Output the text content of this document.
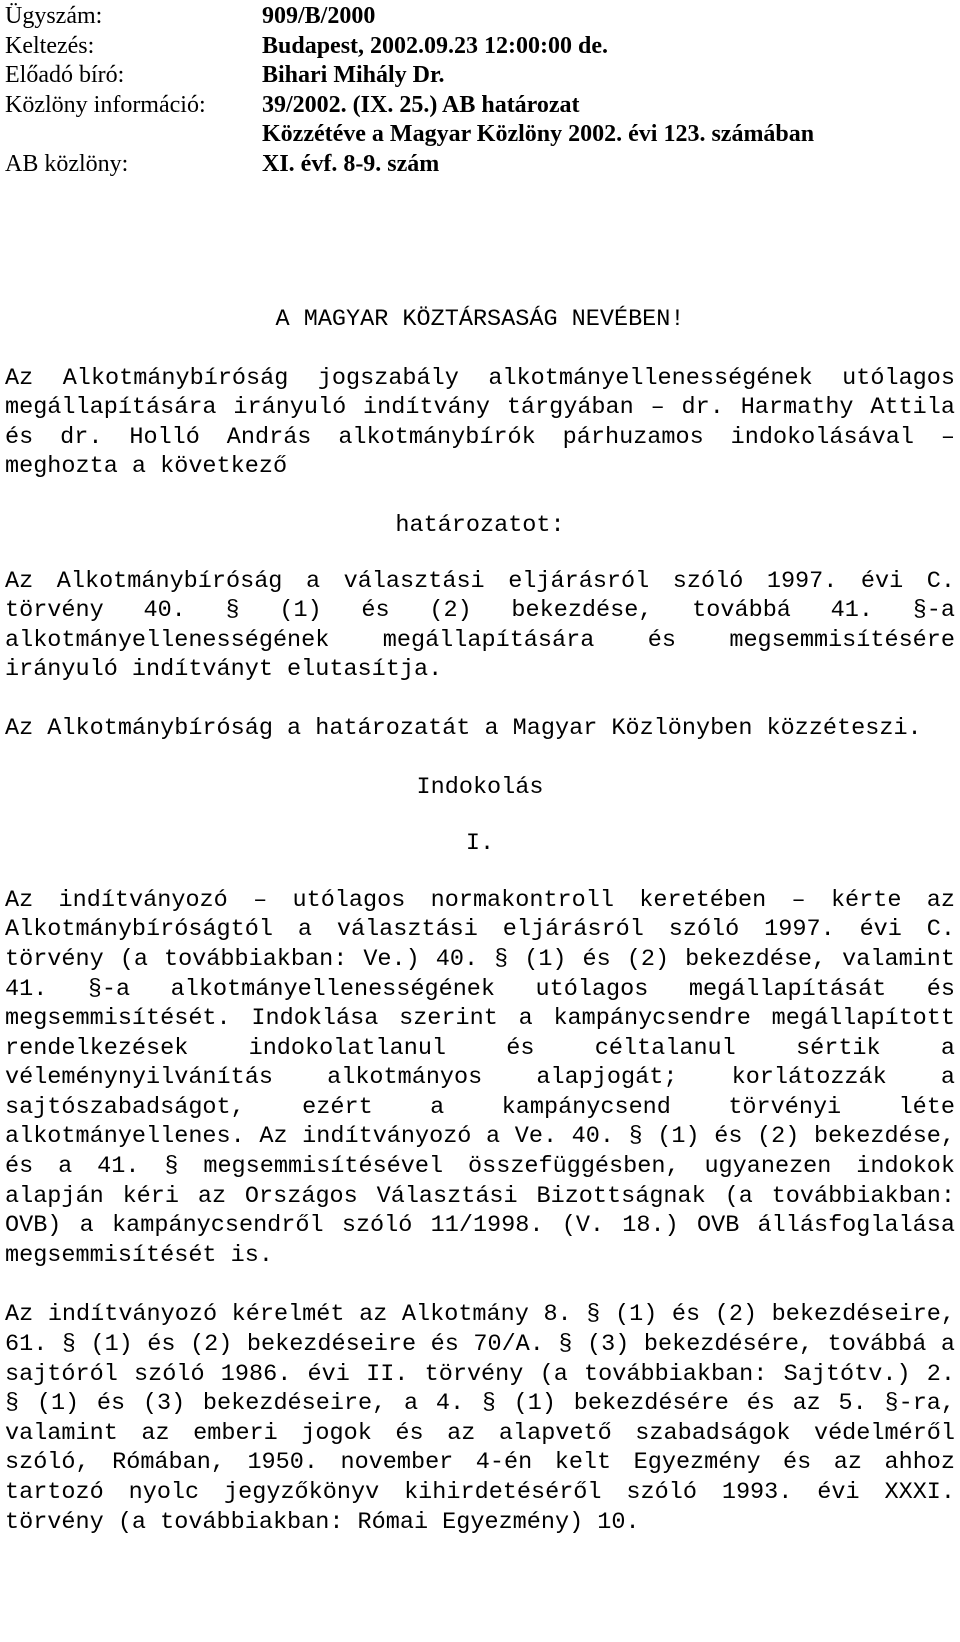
Ügyszám:	909/B/2000
Keltezés:	Budapest, 2002.09.23 12:00:00 de.
Előadó bíró:	Bihari Mihály Dr.
Közlöny információ:	39/2002. (IX. 25.) AB határozat
Közzétéve a Magyar Közlöny 2002. évi 123. számában
AB közlöny:	XI. évf. 8-9. szám

A MAGYAR KÖZTÁRSASÁG NEVÉBEN!

Az Alkotmánybíróság jogszabály alkotmányellenességének utólagos megállapítására irányuló indítvány tárgyában – dr. Harmathy Attila és dr. Holló András alkotmánybírók párhuzamos indokolásával – meghozta a következő

határozatot:

Az Alkotmánybíróság a választási eljárásról szóló 1997. évi C. törvény 40. § (1) és (2) bekezdése, továbbá 41. §-a alkotmányellenességének megállapítására és megsemmisítésére irányuló indítványt elutasítja.

Az Alkotmánybíróság a határozatát a Magyar Közlönyben közzéteszi.

Indokolás

I.

Az indítványozó – utólagos normakontroll keretében – kérte az Alkotmánybíróságtól a választási eljárásról szóló 1997. évi C. törvény (a továbbiakban: Ve.) 40. § (1) és (2) bekezdése, valamint 41. §-a alkotmányellenességének utólagos megállapítását és megsemmisítését. Indoklása szerint a kampánycsendre megállapított rendelkezések indokolatlanul és céltalanul sértik a véleménynyilvánítás alkotmányos alapjogát; korlátozzák a sajtószabadságot, ezért a kampánycsend törvényi léte alkotmányellenes. Az indítványozó a Ve. 40. § (1) és (2) bekezdése, és a 41. § megsemmisítésével összefüggésben, ugyanezen indokok alapján kéri az Országos Választási Bizottságnak (a továbbiakban: OVB) a kampánycsendről szóló 11/1998. (V. 18.) OVB állásfoglalása megsemmisítését is.

Az indítványozó kérelmét az Alkotmány 8. § (1) és (2) bekezdéseire, 61. § (1) és (2) bekezdéseire és 70/A. § (3) bekezdésére, továbbá a sajtóról szóló 1986. évi II. törvény (a továbbiakban: Sajtótv.) 2. § (1) és (3) bekezdéseire, a 4. § (1) bekezdésére és az 5. §-ra, valamint az emberi jogok és az alapvető szabadságok védelméről szóló, Rómában, 1950. november 4-én kelt Egyezmény és az ahhoz tartozó nyolc jegyzőkönyv kihirdetéséről szóló 1993. évi XXXI. törvény (a továbbiakban: Római Egyezmény) 10.
